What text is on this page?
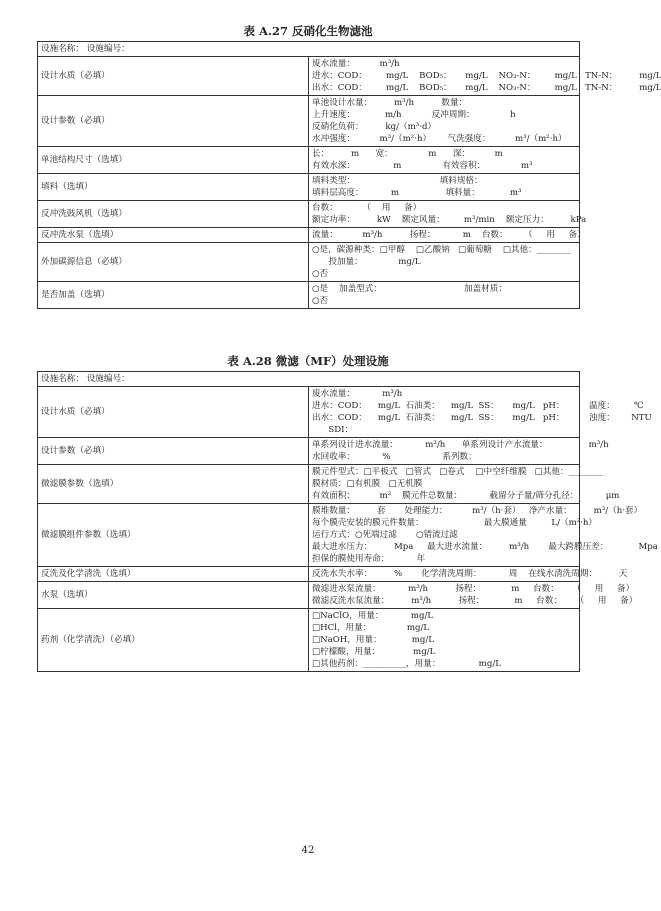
表 A.27 反硝化生物滤池
设施名称： 设施编号：	
设计水质（必填）	废水流量：         m³/h
进水：COD：       mg/L    BOD₅：     mg/L    NO₃-N：       mg/L   TN-N：        mg/L
出水：COD：       mg/L    BOD₅：     mg/L    NO₃-N：       mg/L   TN-N：        mg/L

设计参数（必填）	单池设计水量：        m³/h          数量：
上升速度：           m/h           反冲周期：             h
反硝化负荷：        kg/（m³·d）
水冲强度：         m³/（m²·h）      气洗强度：         m³/（m²·h）

单池结构尺寸（选填）	长：        m      宽：             m      深：         m
有效水深：              m               有效容积：             m³

填料（选填）	填料类型：                               填料规格：
填料层高度：          m                 填料量：           m³

反冲洗鼓风机（选填）	台数：         （    用     备）
额定功率：        kW    额定风量：       m³/min    额定压力：        kPa

反冲洗水泵（选填）	流量：         m³/h          扬程：          m    台数：      （     用     备）

外加碳源信息（必填）	○是，碳源种类：□甲醇    □乙酸钠   □葡萄糖    □其他：________
投加量：             mg/L
○否

是否加盖（选填）	○是    加盖型式：                              加盖材质：
○否
表 A.28 微滤（MF）处理设施
设施名称： 设施编号：	
设计水质（必填）	废水流量：          m³/h
进水：COD：    mg/L  石油类：    mg/L  SS：     mg/L   pH：         温度：       ℃
出水：COD：    mg/L  石油类：    mg/L  SS：     mg/L   pH：         浊度：      NTU
SDI：

设计参数（必填）	单系列设计进水流量：          m³/h      单系列设计产水流量：               m³/h
水回收率：          %                   系列数：

微滤膜参数（选填）	膜元件型式：□平板式   □管式   □卷式    □中空纤维膜   □其他：________
膜材质：□有机膜   □无机膜
有效面积：         m²    膜元件总数量：          截留分子量/筛分孔径：          μm

微滤膜组件参数（选填）	膜堆数量：        套       处理能力：         m³/（h·套）   净产水量：        m³/（h·套）
每个膜壳安装的膜元件数量：                      最大膜通量         L/（m²·h）
运行方式：○死端过滤       ○错流过滤
最大进水压力：        Mpa     最大进水流量：        m³/h       最大跨膜压差：           Mpa
担保的膜使用寿命：          年

反洗及化学清洗（选填）	反洗水失水率：        %       化学清洗周期：          周    在线水清洗周期：        天

水泵（选填）	微滤进水泵流量：          m³/h          扬程：           m     台数：     （     用     备）
微滤反洗水泵流量：        m³/h          扬程：           m     台数：     （     用     备）

药剂（化学清洗）（必填）	□NaClO，用量：          mg/L
□HCl，用量：             mg/L
□NaOH，用量：           mg/L
□柠檬酸，用量：            mg/L
□其他药剂：__________，用量：              mg/L
42
